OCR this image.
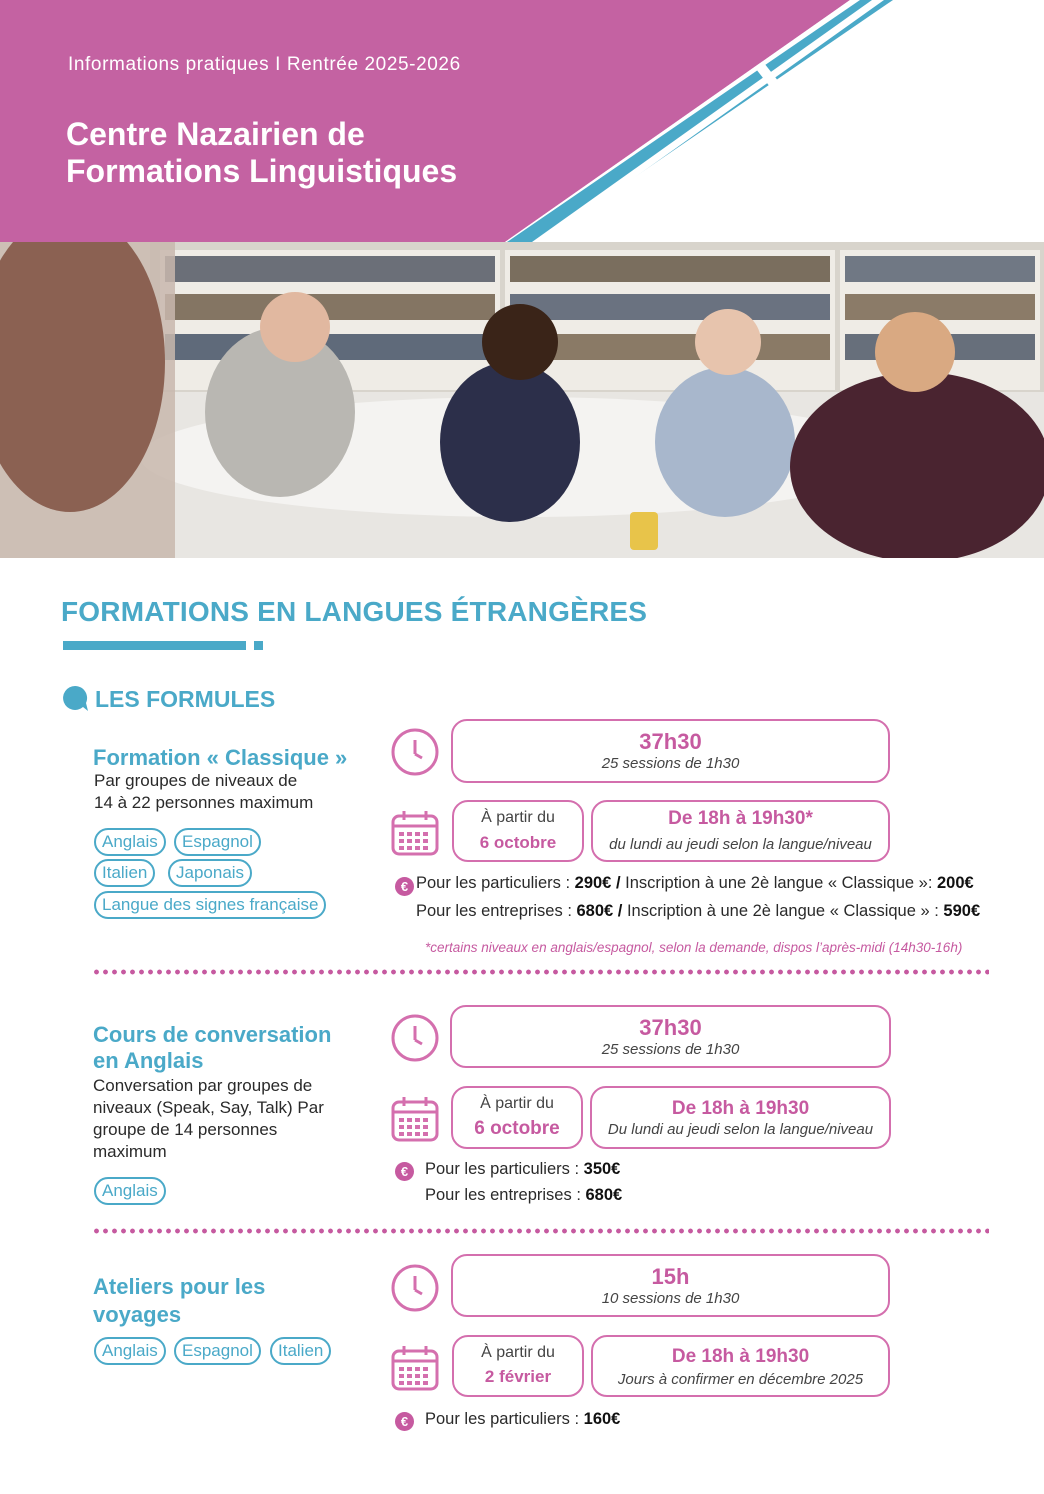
Informations pratiques I Rentrée 2025-2026
Centre Nazairien de
Formations Linguistiques
FORMATIONS EN LANGUES ÉTRANGÈRES
LES FORMULES
Formation « Classique »
Par groupes de niveaux de
14 à 22 personnes maximum
Anglais	Espagnol
Italien	Japonais
Langue des signes française
37h30
25 sessions de 1h30
À partir du
6 octobre
De 18h à 19h30*
du lundi au jeudi selon la langue/niveau
€ Pour les particuliers : 290€ / Inscription à une 2è langue « Classique »: 200€
Pour les entreprises : 680€ / Inscription à une 2è langue « Classique » : 590€
*certains niveaux en anglais/espagnol, selon la demande, dispos l’après-midi (14h30-16h)
Cours de conversation
en Anglais
Conversation par groupes de
niveaux (Speak, Say, Talk) Par
groupe de 14 personnes
maximum
Anglais
37h30
25 sessions de 1h30
À partir du
6 octobre
De 18h à 19h30
Du lundi au jeudi selon la langue/niveau
€	Pour les particuliers : 350€
Pour les entreprises : 680€
Ateliers pour les
voyages
Anglais	Espagnol	Italien
15h
10 sessions de 1h30
À partir du
2 février
De 18h à 19h30
Jours à confirmer en décembre 2025
€	Pour les particuliers : 160€
